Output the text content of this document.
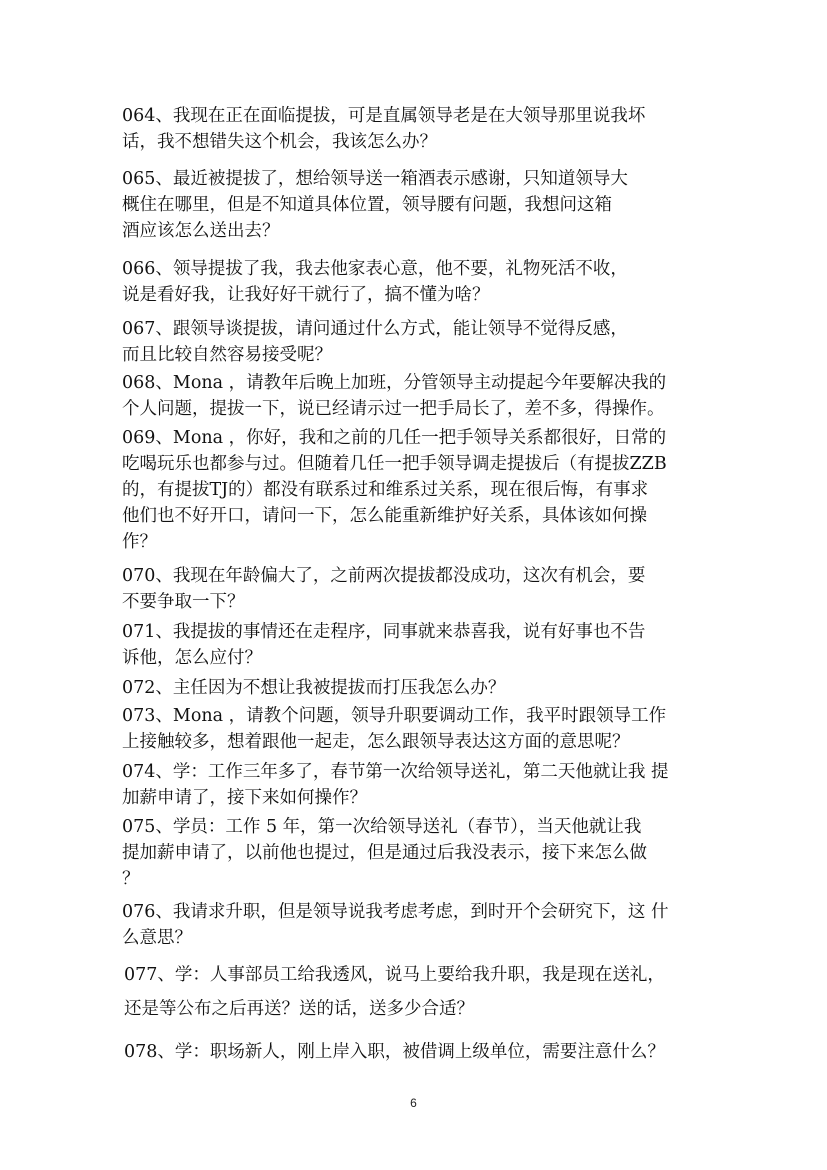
064、我现在正在面临提拔，可是直属领导老是在大领导那里说我坏
话，我不想错失这个机会，我该怎么办？
065、最近被提拔了，想给领导送一箱酒表示感谢，只知道领导大
概住在哪里，但是不知道具体位置，领导腰有问题，我想问这箱
酒应该怎么送出去？
066、领导提拔了我，我去他家表心意，他不要，礼物死活不收，
说是看好我，让我好好干就行了，搞不懂为啥？
067、跟领导谈提拔，请问通过什么方式，能让领导不觉得反感，
而且比较自然容易接受呢？
068、Mona ，请教年后晚上加班，分管领导主动提起今年要解决我的
个人问题，提拔一下，说已经请示过一把手局长了，差不多，得操作。
069、Mona ，你好，我和之前的几任一把手领导关系都很好，日常的
吃喝玩乐也都参与过。但随着几任一把手领导调走提拔后（有提拔ZZB
的，有提拔TJ的）都没有联系过和维系过关系，现在很后悔，有事求
他们也不好开口，请问一下，怎么能重新维护好关系，具体该如何操
作？
070、我现在年龄偏大了，之前两次提拔都没成功，这次有机会，要
不要争取一下？
071、我提拔的事情还在走程序，同事就来恭喜我，说有好事也不告
诉他，怎么应付？
072、主任因为不想让我被提拔而打压我怎么办？
073、Mona ，请教个问题，领导升职要调动工作，我平时跟领导工作
上接触较多，想着跟他一起走，怎么跟领导表达这方面的意思呢？
074、学：工作三年多了，春节第一次给领导送礼，第二天他就让我 提
加薪申请了，接下来如何操作？
075、学员：工作 5 年，第一次给领导送礼（春节），当天他就让我
提加薪申请了，以前他也提过，但是通过后我没表示，接下来怎么做
？
076、我请求升职，但是领导说我考虑考虑，到时开个会研究下，这 什
么意思？
077、学：人事部员工给我透风，说马上要给我升职，我是现在送礼，
还是等公布之后再送？送的话，送多少合适？
078、学：职场新人，刚上岸入职，被借调上级单位，需要注意什么？
6
